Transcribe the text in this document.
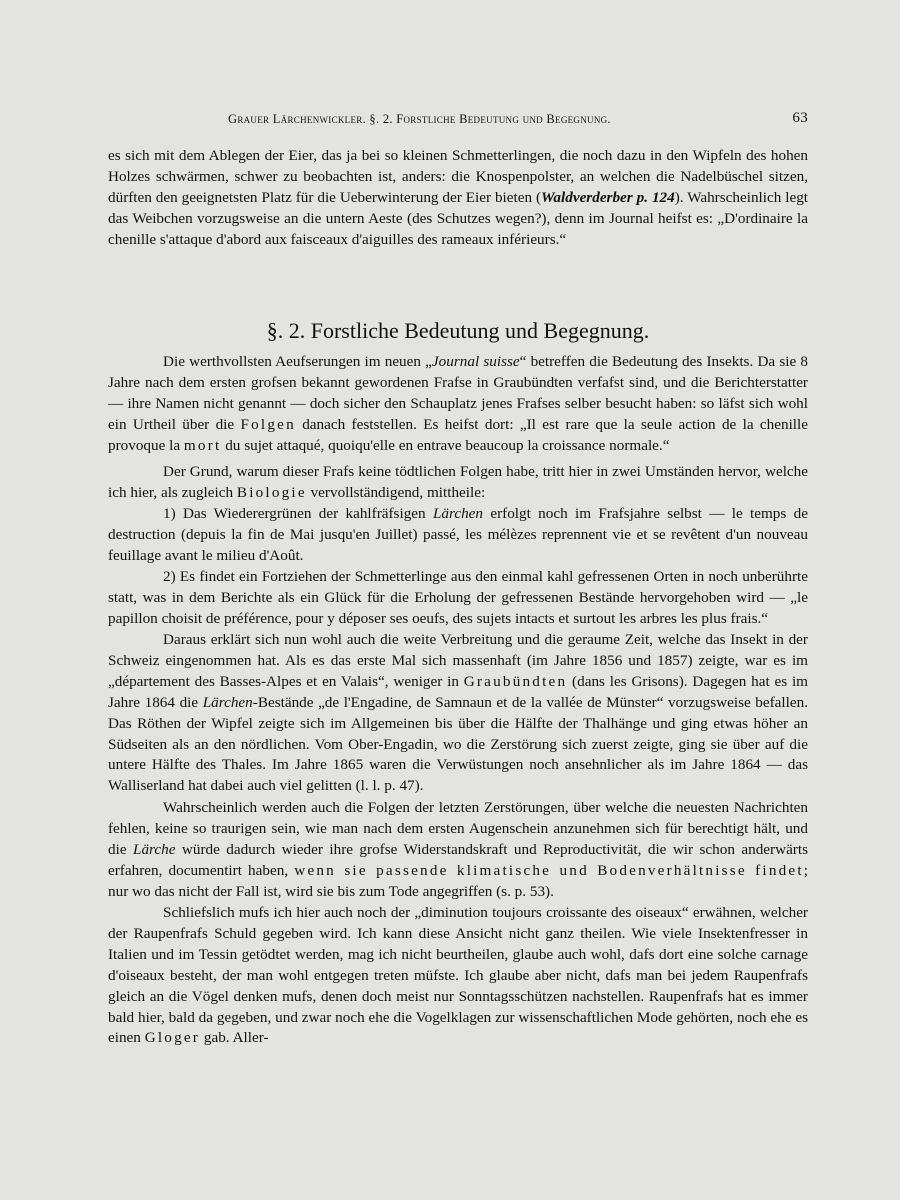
Grauer Lärchenwickler. §. 2. Forstliche Bedeutung und Begegnung.	63

es sich mit dem Ablegen der Eier, das ja bei so kleinen Schmetterlingen, die noch dazu in den Wipfeln des hohen Holzes schwärmen, schwer zu beobachten ist, anders: die Knospenpolster, an welchen die Nadelbüschel sitzen, dürften den geeignetsten Platz für die Ueberwinterung der Eier bieten (Waldverderber p. 124). Wahrscheinlich legt das Weibchen vorzugsweise an die untern Aeste (des Schutzes wegen?), denn im Journal heifst es: „D'ordinaire la chenille s'attaque d'abord aux faisceaux d'aiguilles des rameaux inférieurs.“

§. 2. Forstliche Bedeutung und Begegnung.

Die werthvollsten Aeufserungen im neuen „Journal suisse“ betreffen die Bedeutung des Insekts. Da sie 8 Jahre nach dem ersten grofsen bekannt gewordenen Frafse in Graubündten verfafst sind, und die Berichterstatter — ihre Namen nicht genannt — doch sicher den Schauplatz jenes Frafses selber besucht haben: so läfst sich wohl ein Urtheil über die Folgen danach feststellen. Es heifst dort: „Il est rare que la seule action de la chenille provoque la mort du sujet attaqué, quoiqu'elle en entrave beaucoup la croissance normale.“

Der Grund, warum dieser Frafs keine tödtlichen Folgen habe, tritt hier in zwei Umständen hervor, welche ich hier, als zugleich Biologie vervollständigend, mittheile:

1) Das Wiederergrünen der kahlfräfsigen Lärchen erfolgt noch im Frafsjahre selbst — le temps de destruction (depuis la fin de Mai jusqu'en Juillet) passé, les mélèzes reprennent vie et se revêtent d'un nouveau feuillage avant le milieu d'Août.

2) Es findet ein Fortziehen der Schmetterlinge aus den einmal kahl gefressenen Orten in noch unberührte statt, was in dem Berichte als ein Glück für die Erholung der gefressenen Bestände hervorgehoben wird — „le papillon choisit de préférence, pour y déposer ses oeufs, des sujets intacts et surtout les arbres les plus frais.“

Daraus erklärt sich nun wohl auch die weite Verbreitung und die geraume Zeit, welche das Insekt in der Schweiz eingenommen hat. Als es das erste Mal sich massenhaft (im Jahre 1856 und 1857) zeigte, war es im „département des Basses-Alpes et en Valais“, weniger in Graubündten (dans les Grisons). Dagegen hat es im Jahre 1864 die Lärchen-Bestände „de l'Engadine, de Samnaun et de la vallée de Münster“ vorzugsweise befallen. Das Röthen der Wipfel zeigte sich im Allgemeinen bis über die Hälfte der Thalhänge und ging etwas höher an Südseiten als an den nördlichen. Vom Ober-Engadin, wo die Zerstörung sich zuerst zeigte, ging sie über auf die untere Hälfte des Thales. Im Jahre 1865 waren die Verwüstungen noch ansehnlicher als im Jahre 1864 — das Walliserland hat dabei auch viel gelitten (l. l. p. 47).

Wahrscheinlich werden auch die Folgen der letzten Zerstörungen, über welche die neuesten Nachrichten fehlen, keine so traurigen sein, wie man nach dem ersten Augenschein anzunehmen sich für berechtigt hält, und die Lärche würde dadurch wieder ihre grofse Widerstandskraft und Reproductivität, die wir schon anderwärts erfahren, documentirt haben, wenn sie passende klimatische und Bodenverhältnisse findet; nur wo das nicht der Fall ist, wird sie bis zum Tode angegriffen (s. p. 53).

Schliefslich mufs ich hier auch noch der „diminution toujours croissante des oiseaux“ erwähnen, welcher der Raupenfrafs Schuld gegeben wird. Ich kann diese Ansicht nicht ganz theilen. Wie viele Insektenfresser in Italien und im Tessin getödtet werden, mag ich nicht beurtheilen, glaube auch wohl, dafs dort eine solche carnage d'oiseaux besteht, der man wohl entgegen treten müfste. Ich glaube aber nicht, dafs man bei jedem Raupenfrafs gleich an die Vögel denken mufs, denen doch meist nur Sonntagsschützen nachstellen. Raupenfrafs hat es immer bald hier, bald da gegeben, und zwar noch ehe die Vogelklagen zur wissenschaftlichen Mode gehörten, noch ehe es einen Gloger gab. Aller-
